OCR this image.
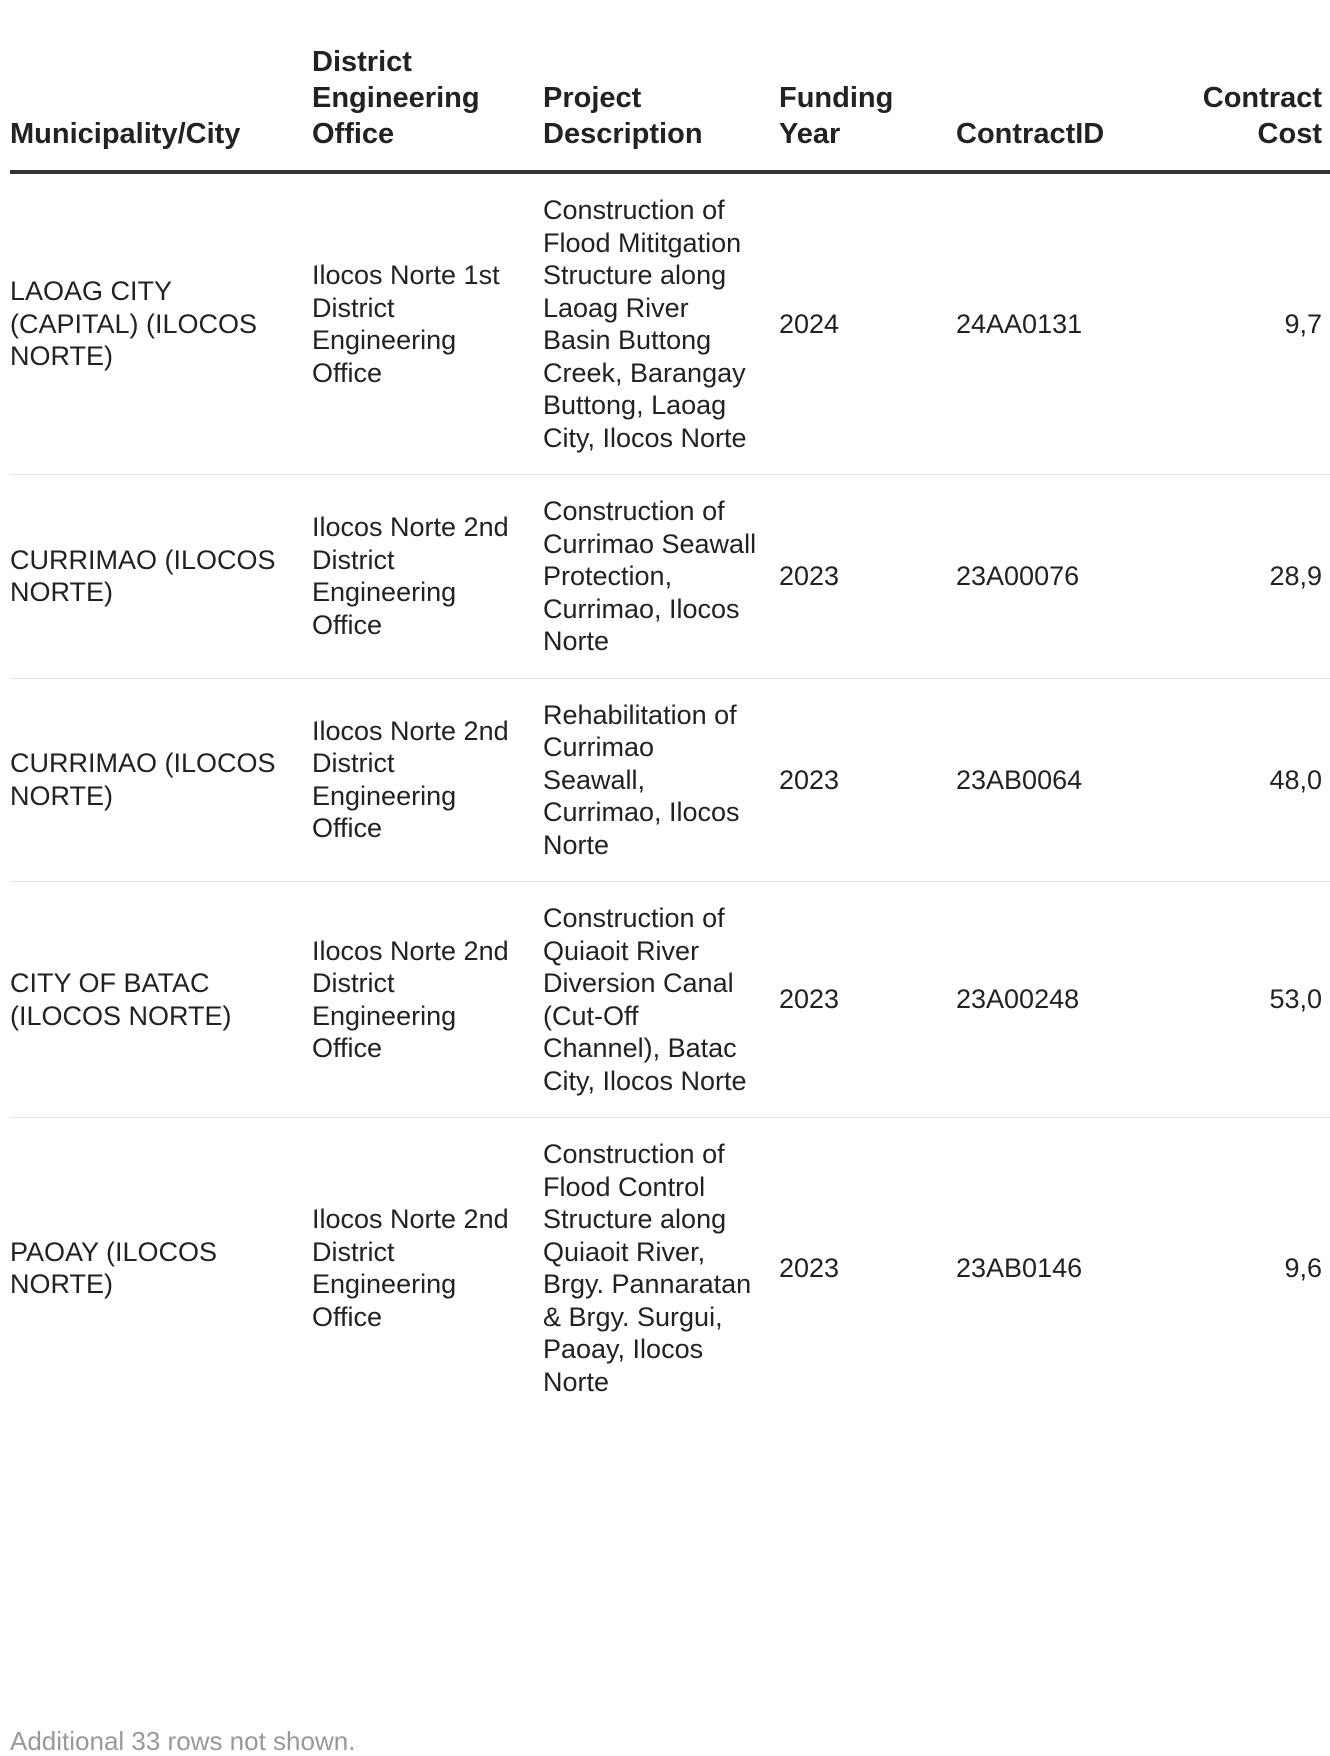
Municipality/City	District Engineering Office	Project Description	Funding Year	ContractID	Contract Cost
LAOAG CITY (CAPITAL) (ILOCOS NORTE)	Ilocos Norte 1st District Engineering Office	Construction of Flood Mititgation Structure along Laoag River Basin Buttong Creek, Barangay Buttong, Laoag City, Ilocos Norte	2024	24AA0131	9,7
CURRIMAO (ILOCOS NORTE)	Ilocos Norte 2nd District Engineering Office	Construction of Currimao Seawall Protection, Currimao, Ilocos Norte	2023	23A00076	28,9
CURRIMAO (ILOCOS NORTE)	Ilocos Norte 2nd District Engineering Office	Rehabilitation of Currimao Seawall, Currimao, Ilocos Norte	2023	23AB0064	48,0
CITY OF BATAC (ILOCOS NORTE)	Ilocos Norte 2nd District Engineering Office	Construction of Quiaoit River Diversion Canal (Cut-Off Channel), Batac City, Ilocos Norte	2023	23A00248	53,0
PAOAY (ILOCOS NORTE)	Ilocos Norte 2nd District Engineering Office	Construction of Flood Control Structure along Quiaoit River, Brgy. Pannaratan & Brgy. Surgui, Paoay, Ilocos Norte	2023	23AB0146	9,6
Additional 33 rows not shown.
